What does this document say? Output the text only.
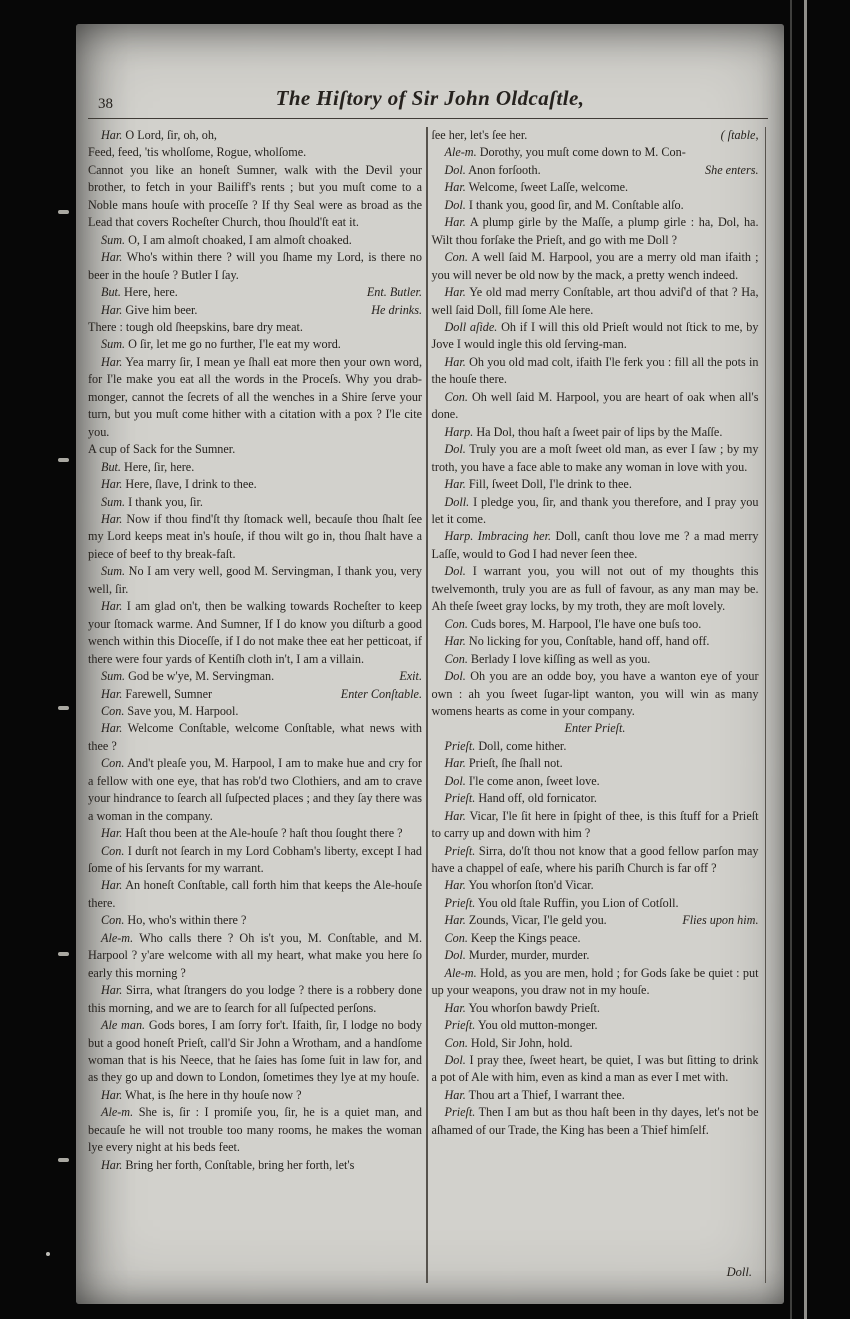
38	The Hiſtory of Sir John Oldcaſtle,

Har. O Lord, ſir, oh, oh,

Feed, feed, 'tis wholſome, Rogue, wholſome.

Cannot you like an honeſt Sumner, walk with the Devil your brother, to fetch in your Bailiff's rents ; but you muſt come to a Noble mans houſe with proceſſe ? If thy Seal were as broad as the Lead that covers Rocheſter Church, thou ſhould'ſt eat it.

Sum. O, I am almoſt choaked, I am almoſt choaked.

Har. Who's within there ? will you ſhame my Lord, is there no beer in the houſe ? Butler I ſay.

Ent. Butler.
But. Here, here.

He drinks.
Har. Give him beer.

There : tough old ſheepskins, bare dry meat.

Sum. O ſir, let me go no further, I'le eat my word.

Har. Yea marry ſir, I mean ye ſhall eat more then your own word, for I'le make you eat all the words in the Proceſs. Why you drab-monger, cannot the ſecrets of all the wenches in a Shire ſerve your turn, but you muſt come hither with a citation with a pox ? I'le cite you.

A cup of Sack for the Sumner.

But. Here, ſir, here.

Har. Here, ſlave, I drink to thee.

Sum. I thank you, ſir.

Har. Now if thou find'ſt thy ſtomack well, becauſe thou ſhalt ſee my Lord keeps meat in's houſe, if thou wilt go in, thou ſhalt have a piece of beef to thy break-faſt.

Sum. No I am very well, good M. Servingman, I thank you, very well, ſir.

Har. I am glad on't, then be walking towards Rocheſter to keep your ſtomack warme. And Sumner, If I do know you diſturb a good wench within this Dioceſſe, if I do not make thee eat her petticoat, if there were four yards of Kentiſh cloth in't, I am a villain.

Exit.
Sum. God be w'ye, M. Servingman.

Enter Conſtable.
Har. Farewell, Sumner

Con. Save you, M. Harpool.

Har. Welcome Conſtable, welcome Conſtable, what news with thee ?

Con. And't pleaſe you, M. Harpool, I am to make hue and cry for a fellow with one eye, that has rob'd two Clothiers, and am to crave your hindrance to ſearch all ſuſpected places ; and they ſay there was a woman in the company.

Har. Haſt thou been at the Ale-houſe ? haſt thou ſought there ?

Con. I durſt not ſearch in my Lord Cobham's liberty, except I had ſome of his ſervants for my warrant.

Har. An honeſt Conſtable, call forth him that keeps the Ale-houſe there.

Con. Ho, who's within there ?

Ale-m. Who calls there ? Oh is't you, M. Conſtable, and M. Harpool ? y'are welcome with all my heart, what make you here ſo early this morning ?

Har. Sirra, what ſtrangers do you lodge ? there is a robbery done this morning, and we are to ſearch for all ſuſpected perſons.

Ale man. Gods bores, I am ſorry for't. Ifaith, ſir, I lodge no body but a good honeſt Prieſt, call'd Sir John a Wrotham, and a handſome woman that is his Neece, that he ſaies has ſome ſuit in law for, and as they go up and down to London, ſometimes they lye at my houſe.

Har. What, is ſhe here in thy houſe now ?

Ale-m. She is, ſir : I promiſe you, ſir, he is a quiet man, and becauſe he will not trouble too many rooms, he makes the woman lye every night at his beds feet.

Har. Bring her forth, Conſtable, bring her forth, let's

( ſtable,
ſee her, let's ſee her.

Ale-m. Dorothy, you muſt come down to M. Con-

She enters.
Dol. Anon forſooth.

Har. Welcome, ſweet Laſſe, welcome.

Dol. I thank you, good ſir, and M. Conſtable alſo.

Har. A plump girle by the Maſſe, a plump girle : ha, Dol, ha. Wilt thou forſake the Prieſt, and go with me Doll ?

Con. A well ſaid M. Harpool, you are a merry old man ifaith ; you will never be old now by the mack, a pretty wench indeed.

Har. Ye old mad merry Conſtable, art thou adviſ'd of that ? Ha, well ſaid Doll, fill ſome Ale here.

Doll aſide. Oh if I will this old Prieſt would not ſtick to me, by Jove I would ingle this old ſerving-man.

Har. Oh you old mad colt, ifaith I'le ferk you : fill all the pots in the houſe there.

Con. Oh well ſaid M. Harpool, you are heart of oak when all's done.

Harp. Ha Dol, thou haſt a ſweet pair of lips by the Maſſe.

Dol. Truly you are a moſt ſweet old man, as ever I ſaw ; by my troth, you have a face able to make any woman in love with you.

Har. Fill, ſweet Doll, I'le drink to thee.

Doll. I pledge you, ſir, and thank you therefore, and I pray you let it come.

Harp. Imbracing her. Doll, canſt thou love me ? a mad merry Laſſe, would to God I had never ſeen thee.

Dol. I warrant you, you will not out of my thoughts this twelvemonth, truly you are as full of favour, as any man may be. Ah theſe ſweet gray locks, by my troth, they are moſt lovely.

Con. Cuds bores, M. Harpool, I'le have one buſs too.

Har. No licking for you, Conſtable, hand off, hand off.

Con. Berlady I love kiſſing as well as you.

Dol. Oh you are an odde boy, you have a wanton eye of your own : ah you ſweet ſugar-lipt wanton, you will win as many womens hearts as come in your company.

Enter Prieſt.

Prieſt. Doll, come hither.

Har. Prieſt, ſhe ſhall not.

Dol. I'le come anon, ſweet love.

Prieſt. Hand off, old fornicator.

Har. Vicar, I'le ſit here in ſpight of thee, is this ſtuff for a Prieſt to carry up and down with him ?

Prieſt. Sirra, do'ſt thou not know that a good fellow parſon may have a chappel of eaſe, where his pariſh Church is far off ?

Har. You whorſon ſton'd Vicar.

Prieſt. You old ſtale Ruffin, you Lion of Cotſoll.

Flies upon him.
Har. Zounds, Vicar, I'le geld you.

Con. Keep the Kings peace.

Dol. Murder, murder, murder.

Ale-m. Hold, as you are men, hold ; for Gods ſake be quiet : put up your weapons, you draw not in my houſe.

Har. You whorſon bawdy Prieſt.

Prieſt. You old mutton-monger.

Con. Hold, Sir John, hold.

Dol. I pray thee, ſweet heart, be quiet, I was but ſitting to drink a pot of Ale with him, even as kind a man as ever I met with.

Har. Thou art a Thief, I warrant thee.

Prieſt. Then I am but as thou haſt been in thy dayes, let's not be aſhamed of our Trade, the King has been a Thief himſelf.

Doll.
